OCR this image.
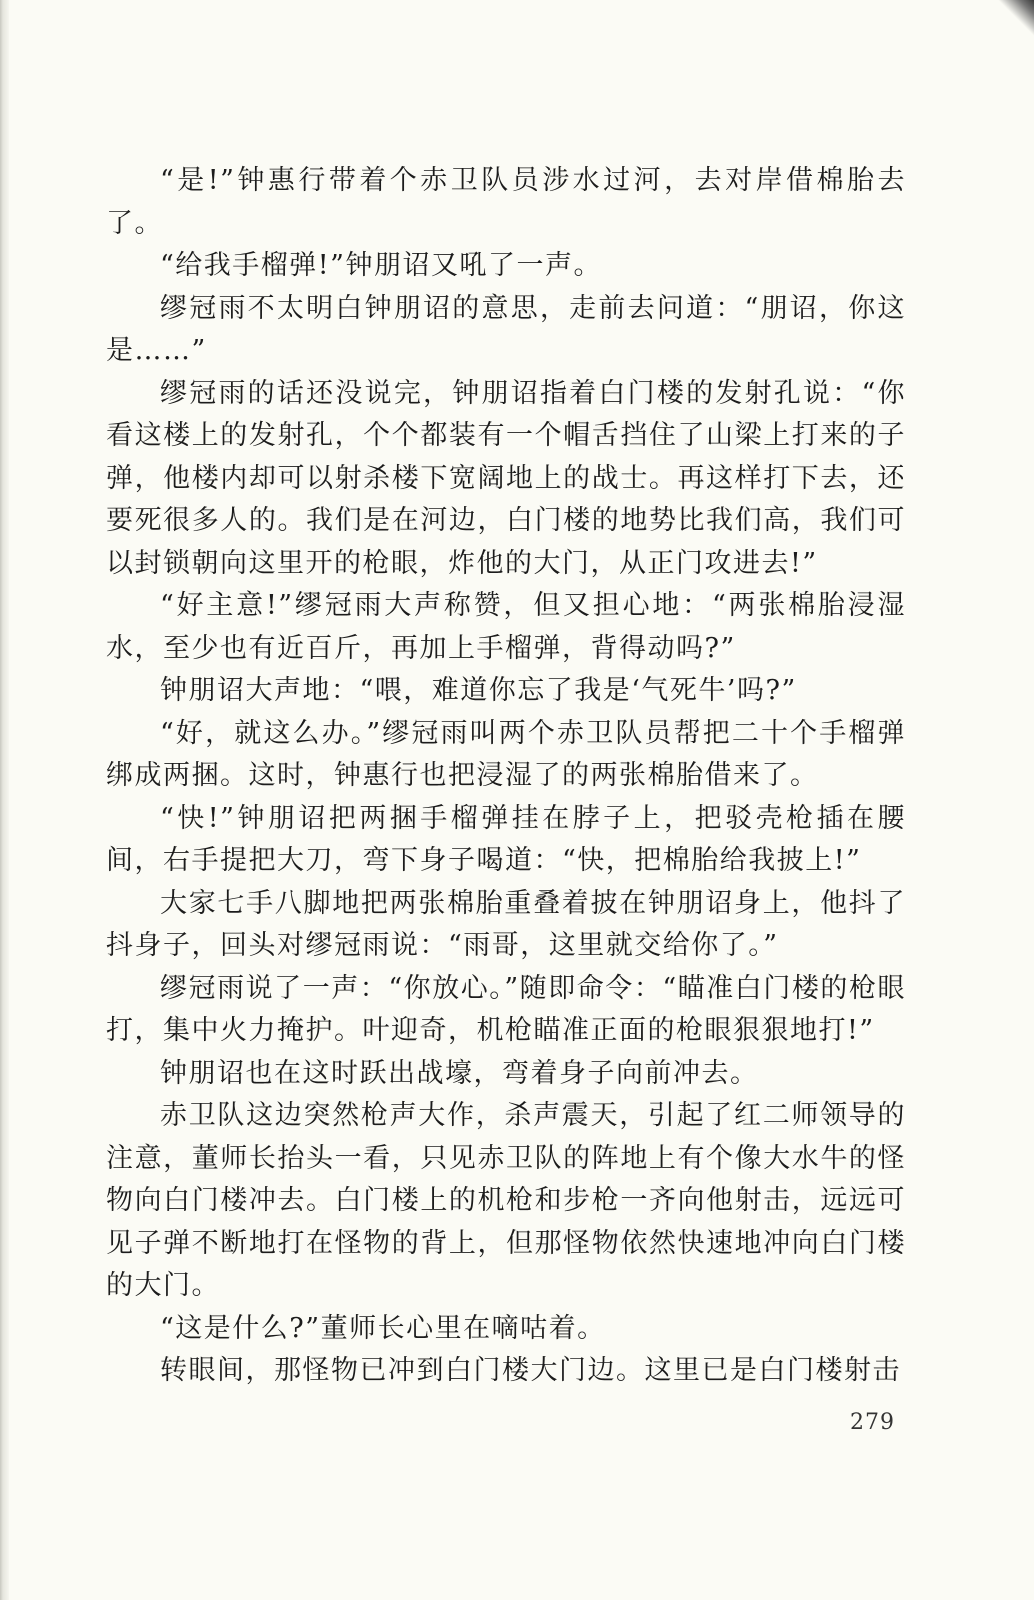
“是!”钟惠行带着个赤卫队员涉水过河，去对岸借棉胎去了。

“给我手榴弹!”钟朋诏又吼了一声。

缪冠雨不太明白钟朋诏的意思，走前去问道：“朋诏，你这是……”

缪冠雨的话还没说完，钟朋诏指着白门楼的发射孔说：“你看这楼上的发射孔，个个都装有一个帽舌挡住了山梁上打来的子弹，他楼内却可以射杀楼下宽阔地上的战士。再这样打下去，还要死很多人的。我们是在河边，白门楼的地势比我们高，我们可以封锁朝向这里开的枪眼，炸他的大门，从正门攻进去!”

“好主意!”缪冠雨大声称赞，但又担心地：“两张棉胎浸湿水，至少也有近百斤，再加上手榴弹，背得动吗?”

钟朋诏大声地：“喂，难道你忘了我是‘气死牛’吗?”

“好，就这么办。”缪冠雨叫两个赤卫队员帮把二十个手榴弹绑成两捆。这时，钟惠行也把浸湿了的两张棉胎借来了。

“快!”钟朋诏把两捆手榴弹挂在脖子上，把驳壳枪插在腰间，右手提把大刀，弯下身子喝道：“快，把棉胎给我披上!”

大家七手八脚地把两张棉胎重叠着披在钟朋诏身上，他抖了抖身子，回头对缪冠雨说：“雨哥，这里就交给你了。”

缪冠雨说了一声：“你放心。”随即命令：“瞄准白门楼的枪眼打，集中火力掩护。叶迎奇，机枪瞄准正面的枪眼狠狠地打!”

钟朋诏也在这时跃出战壕，弯着身子向前冲去。

赤卫队这边突然枪声大作，杀声震天，引起了红二师领导的注意，董师长抬头一看，只见赤卫队的阵地上有个像大水牛的怪物向白门楼冲去。白门楼上的机枪和步枪一齐向他射击，远远可见子弹不断地打在怪物的背上，但那怪物依然快速地冲向白门楼的大门。

“这是什么?”董师长心里在嘀咕着。

转眼间，那怪物已冲到白门楼大门边。这里已是白门楼射击

279
